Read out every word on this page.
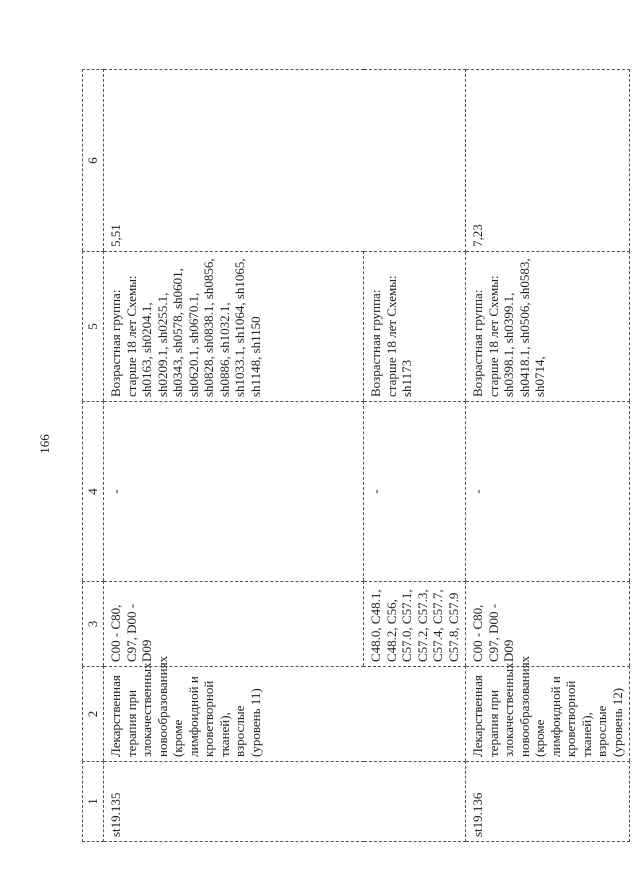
166
1	2	3	4	5	6
st19.135	Лекарственная терапия при злокачественных новообразованиях (кроме лимфоидной и кроветворной тканей), взрослые (уровень 11)	C00 - C80, C97, D00 - D09	-	Возрастная группа: старше 18 лет Схемы: sh0163, sh0204.1, sh0209.1, sh0255.1, sh0343, sh0578, sh0601, sh0620.1, sh0670.1, sh0828, sh0838.1, sh0856, sh0886, sh1032.1, sh1033.1, sh1064, sh1065, sh1148, sh1150	5,51
		C48.0, C48.1, C48.2, C56, C57.0, C57.1, C57.2, C57.3, C57.4, C57.7, C57.8, C57.9	-	Возрастная группа: старше 18 лет Схемы: sh1173	
st19.136	Лекарственная терапия при злокачественных новообразованиях (кроме лимфоидной и кроветворной тканей), взрослые (уровень 12)	C00 - C80, C97, D00 - D09	-	Возрастная группа: старше 18 лет Схемы: sh0398.1, sh0399.1, sh0418.1, sh0506, sh0583, sh0714,	7,23
